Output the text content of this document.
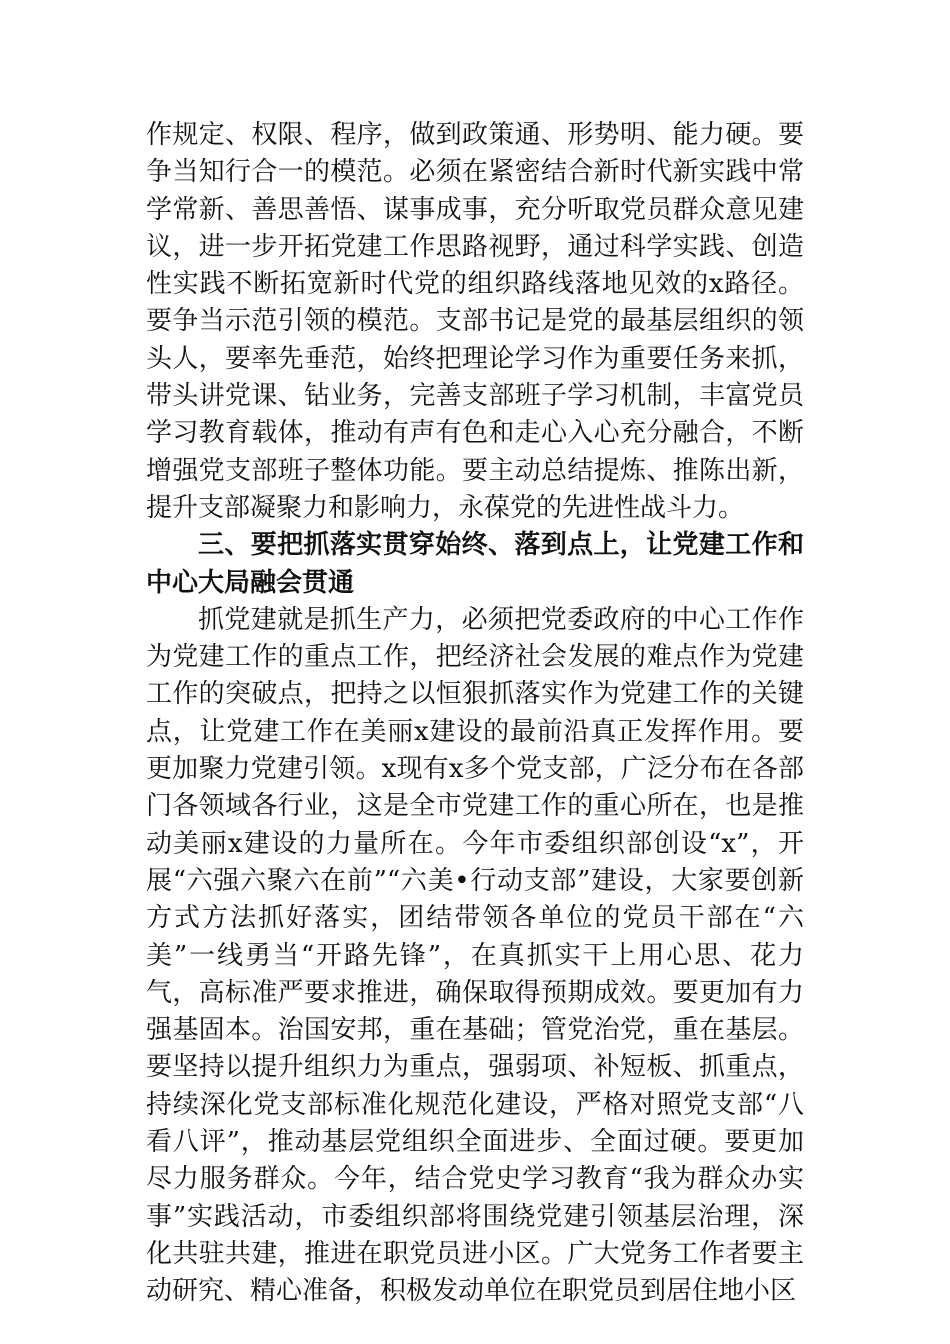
作规定、权限、程序，做到政策通、形势明、能力硬。要争当知行合一的模范。必须在紧密结合新时代新实践中常学常新、善思善悟、谋事成事，充分听取党员群众意见建议，进一步开拓党建工作思路视野，通过科学实践、创造性实践不断拓宽新时代党的组织路线落地见效的x路径。要争当示范引领的模范。支部书记是党的最基层组织的领头人，要率先垂范，始终把理论学习作为重要任务来抓，带头讲党课、钻业务，完善支部班子学习机制，丰富党员学习教育载体，推动有声有色和走心入心充分融合，不断增强党支部班子整体功能。要主动总结提炼、推陈出新，提升支部凝聚力和影响力，永葆党的先进性战斗力。

三、要把抓落实贯穿始终、落到点上，让党建工作和中心大局融会贯通

抓党建就是抓生产力，必须把党委政府的中心工作作为党建工作的重点工作，把经济社会发展的难点作为党建工作的突破点，把持之以恒狠抓落实作为党建工作的关键点，让党建工作在美丽x建设的最前沿真正发挥作用。要更加聚力党建引领。x现有x多个党支部，广泛分布在各部门各领域各行业，这是全市党建工作的重心所在，也是推动美丽x建设的力量所在。今年市委组织部创设“x”，开展“六强六聚六在前”“六美•行动支部”建设，大家要创新方式方法抓好落实，团结带领各单位的党员干部在“六美”一线勇当“开路先锋”，在真抓实干上用心思、花力气，高标准严要求推进，确保取得预期成效。要更加有力强基固本。治国安邦，重在基础；管党治党，重在基层。要坚持以提升组织力为重点，强弱项、补短板、抓重点，持续深化党支部标准化规范化建设，严格对照党支部“八看八评”，推动基层党组织全面进步、全面过硬。要更加尽力服务群众。今年，结合党史学习教育“我为群众办实事”实践活动，市委组织部将围绕党建引领基层治理，深化共驻共建，推进在职党员进小区。广大党务工作者要主动研究、精心准备，积极发动单位在职党员到居住地小区
